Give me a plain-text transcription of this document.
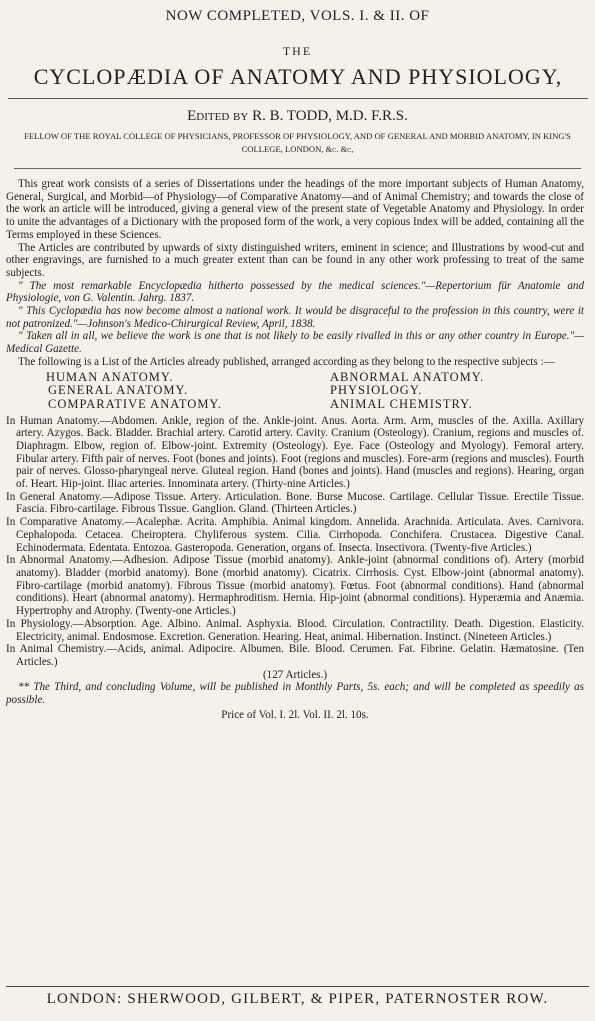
NOW COMPLETED, VOLS. I. & II. OF
THE
CYCLOPÆDIA OF ANATOMY AND PHYSIOLOGY,
Edited by R. B. TODD, M.D. F.R.S.
FELLOW OF THE ROYAL COLLEGE OF PHYSICIANS, PROFESSOR OF PHYSIOLOGY, AND OF GENERAL AND MORBID ANATOMY, IN KING'S COLLEGE, LONDON, &c. &c,

This great work consists of a series of Dissertations under the headings of the more important subjects of Human Anatomy, General, Surgical, and Morbid—of Physiology—of Comparative Anatomy—and of Animal Chemistry; and towards the close of the work an article will be introduced, giving a general view of the present state of Vegetable Anatomy and Physiology. In order to unite the advantages of a Dictionary with the proposed form of the work, a very copious Index will be added, containing all the Terms employed in these Sciences.

The Articles are contributed by upwards of sixty distinguished writers, eminent in science; and Illustrations by wood-cut and other engravings, are furnished to a much greater extent than can be found in any other work professing to treat of the same subjects.

" The most remarkable Encyclopædia hitherto possessed by the medical sciences."—Repertorium für Anatomie and Physiologie, von G. Valentin. Jahrg. 1837.

" This Cyclopædia has now become almost a national work. It would be disgraceful to the profession in this country, were it not patronized."—Johnson's Medico-Chirurgical Review, April, 1838.

" Taken all in all, we believe the work is one that is not likely to be easily rivalled in this or any other country in Europe."—Medical Gazette.

The following is a List of the Articles already published, arranged according as they belong to the respective subjects :—

HUMAN ANATOMY.
GENERAL ANATOMY.
COMPARATIVE ANATOMY.
ABNORMAL ANATOMY.
PHYSIOLOGY.
ANIMAL CHEMISTRY.

In Human Anatomy.—Abdomen. Ankle, region of the. Ankle-joint. Anus. Aorta. Arm. Arm, muscles of the. Axilla. Axillary artery. Azygos. Back. Bladder. Brachial artery. Carotid artery. Cavity. Cranium (Osteology). Cranium, regions and muscles of. Diaphragm. Elbow, region of. Elbow-joint. Extremity (Osteology). Eye. Face (Osteology and Myology). Femoral artery. Fibular artery. Fifth pair of nerves. Foot (bones and joints). Foot (regions and muscles). Fore-arm (regions and muscles). Fourth pair of nerves. Glosso-pharyngeal nerve. Gluteal region. Hand (bones and joints). Hand (muscles and regions). Hearing, organ of. Heart. Hip-joint. Iliac arteries. Innominata artery. (Thirty-nine Articles.)

In General Anatomy.—Adipose Tissue. Artery. Articulation. Bone. Burse Mucose. Cartilage. Cellular Tissue. Erectile Tissue. Fascia. Fibro-cartilage. Fibrous Tissue. Ganglion. Gland. (Thirteen Articles.)

In Comparative Anatomy.—Acalephæ. Acrita. Amphibia. Animal kingdom. Annelida. Arachnida. Articulata. Aves. Carnivora. Cephalopoda. Cetacea. Cheiroptera. Chyliferous system. Cilia. Cirrhopoda. Conchifera. Crustacea. Digestive Canal. Echinodermata. Edentata. Entozoa. Gasteropoda. Generation, organs of. Insecta. Insectivora. (Twenty-five Articles.)

In Abnormal Anatomy.—Adhesion. Adipose Tissue (morbid anatomy). Ankle-joint (abnormal conditions of). Artery (morbid anatomy). Bladder (morbid anatomy). Bone (morbid anatomy). Cicatrix. Cirrhosis. Cyst. Elbow-joint (abnormal anatomy). Fibro-cartilage (morbid anatomy). Fibrous Tissue (morbid anatomy). Fœtus. Foot (abnormal conditions). Hand (abnormal conditions). Heart (abnormal anatomy). Hermaphroditism. Hernia. Hip-joint (abnormal conditions). Hyperæmia and Anæmia. Hypertrophy and Atrophy. (Twenty-one Articles.)

In Physiology.—Absorption. Age. Albino. Animal. Asphyxia. Blood. Circulation. Contractility. Death. Digestion. Elasticity. Electricity, animal. Endosmose. Excretion. Generation. Hearing. Heat, animal. Hibernation. Instinct. (Nineteen Articles.)

In Animal Chemistry.—Acids, animal. Adipocire. Albumen. Bile. Blood. Cerumen. Fat. Fibrine. Gelatin. Hæmatosine. (Ten Articles.)

(127 Articles.)

** The Third, and concluding Volume, will be published in Monthly Parts, 5s. each; and will be completed as speedily as possible.

Price of Vol. I. 2l. Vol. II. 2l. 10s.
LONDON: SHERWOOD, GILBERT, & PIPER, PATERNOSTER ROW.
